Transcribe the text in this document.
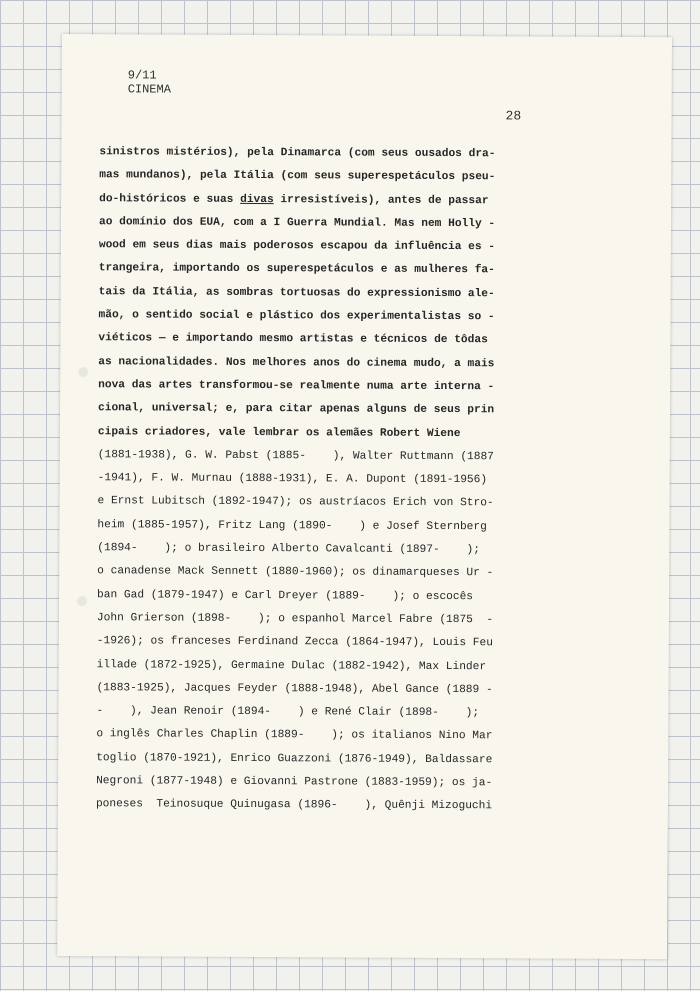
9/11
CINEMA
28
sinistros mistérios), pela Dinamarca (com seus ousados dra-
mas mundanos), pela Itália (com seus superespetáculos pseu-
do-históricos e suas divas irresistíveis), antes de passar
ao domínio dos EUA, com a I Guerra Mundial. Mas nem Holly -
wood em seus dias mais poderosos escapou da influência es -
trangeira, importando os superespetáculos e as mulheres fa-
tais da Itália, as sombras tortuosas do expressionismo ale-
mão, o sentido social e plástico dos experimentalistas so -
viéticos — e importando mesmo artistas e técnicos de tôdas
as nacionalidades. Nos melhores anos do cinema mudo, a mais
nova das artes transformou-se realmente numa arte interna -
cional, universal; e, para citar apenas alguns de seus prin
cipais criadores, vale lembrar os alemães Robert Wiene
(1881-1938), G. W. Pabst (1885-    ), Walter Ruttmann (1887
-1941), F. W. Murnau (1888-1931), E. A. Dupont (1891-1956)
e Ernst Lubitsch (1892-1947); os austríacos Erich von Stro-
heim (1885-1957), Fritz Lang (1890-    ) e Josef Sternberg
(1894-    ); o brasileiro Alberto Cavalcanti (1897-    );
o canadense Mack Sennett (1880-1960); os dinamarqueses Ur -
ban Gad (1879-1947) e Carl Dreyer (1889-    ); o escocês
John Grierson (1898-    ); o espanhol Marcel Fabre (1875  -
-1926); os franceses Ferdinand Zecca (1864-1947), Louis Feu
illade (1872-1925), Germaine Dulac (1882-1942), Max Linder
(1883-1925), Jacques Feyder (1888-1948), Abel Gance (1889 -
-    ), Jean Renoir (1894-    ) e René Clair (1898-    );
o inglês Charles Chaplin (1889-    ); os italianos Nino Mar
toglio (1870-1921), Enrico Guazzoni (1876-1949), Baldassare
Negroni (1877-1948) e Giovanni Pastrone (1883-1959); os ja-
poneses  Teinosuque Quinugasa (1896-    ), Quênji Mizoguchi
